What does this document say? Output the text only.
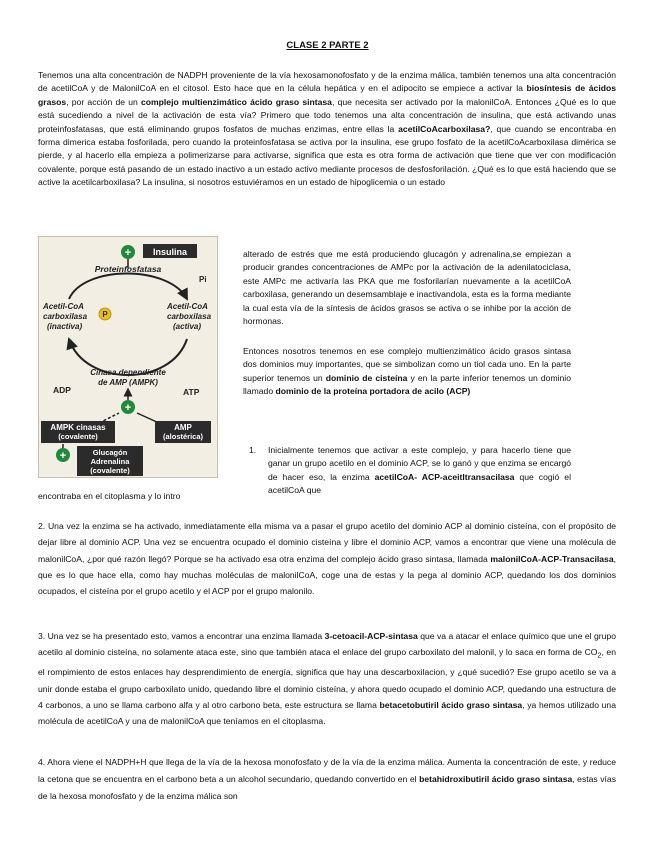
CLASE 2 PARTE 2

Tenemos una alta concentración de NADPH proveniente de la vía hexosamonofosfato y de la enzima málica, también tenemos una alta concentración de acetilCoA y de MalonilCoA en el citosol. Esto hace que en la célula hepática y en el adipocito se empiece a activar la biosíntesis de ácidos grasos, por acción de un complejo multienzimático ácido graso sintasa, que necesita ser activado por la malonilCoA. Entonces ¿Qué es lo que está sucediendo a nivel de la activación de esta vía? Primero que todo tenemos una alta concentración de insulina, que está activando unas proteinfosfatasas, que está eliminando grupos fosfatos de muchas enzimas, entre ellas la acetilCoAcarboxilasa?, que cuando se encontraba en forma dimerica estaba fosforilada, pero cuando la proteinfosfatasa se activa por la insulina, ese grupo fosfato de la acetilCoAcarboxilasa dimérica se pierde, y al hacerlo ella empieza a polimerizarse para activarse, significa que esta es otra forma de activación que tiene que ver con modificación covalente, porque está pasando de un estado inactivo a un estado activo mediante procesos de desfosforilación. ¿Qué es lo que está haciendo que se active la acetilcarboxilasa? La insulina, si nosotros estuviéramos en un estado de hipoglicemia o un estado

+ Insulina
Proteinfosfatasa
Pi
Acetil-CoA
carboxilasa
(inactiva)
P
Acetil-CoA
carboxilasa
(activa)
Cinasa dependiente
de AMP (AMPK)
ADP	ATP
+
AMPK cinasas
(covalente)
AMP
(alostérica)
+	Glucagón
Adrenalina
(covalente)

alterado de estrés que me está produciendo glucagón y adrenalina,se empiezan a producir grandes concentraciones de AMPc por la activación de la adenilatociclasa, este AMPc me activaría las PKA que me fosforilarían nuevamente a la acetilCoA carboxilasa, generando un desemsamblaje e inactivandola, esta es la forma mediante la cual esta vía de la síntesis de ácidos grasos se activa o se inhibe por la acción de hormonas.

Entonces nosotros tenemos en ese complejo multienzimático ácido grasos sintasa dos dominios muy importantes, que se simbolizan como un tiol cada uno. En la parte superior tenemos un dominio de cisteína y en la parte inferior tenemos un dominio llamado dominio de la proteína portadora de acilo (ACP)

1. Inicialmente tenemos que activar a este complejo, y para hacerlo tiene que ganar un grupo acetilo en el dominio ACP, se lo ganó y que enzima se encargó de hacer eso, la enzima acetilCoA- ACP-aceitltransacilasa que cogió el acetilCoA que

encontraba en el citoplasma y lo intro

2. Una vez la enzima se ha activado, inmediatamente ella misma va a pasar el grupo acetilo del dominio ACP al dominio cisteína, con el propósito de dejar libre al dominio ACP. Una vez se encuentra ocupado el dominio cisteína y libre el dominio ACP, vamos a encontrar que viene una molécula de malonilCoA, ¿por qué razón llegó? Porque se ha activado esa otra enzima del complejo ácido graso sintasa, llamada malonilCoA-ACP-Transacilasa, que es lo que hace ella, como hay muchas moléculas de malonilCoA, coge una de estas y la pega al dominio ACP, quedando los dos dominios ocupados, el cisteína por el grupo acetilo y el ACP por el grupo malonilo.

3. Una vez se ha presentado esto, vamos a encontrar una enzima llamada 3-cetoacil-ACP-sintasa que va a atacar el enlace químico que une el grupo acetilo al dominio cisteína, no solamente ataca este, sino que también ataca el enlace del grupo carboxilato del malonil, y lo saca en forma de $CO_2$, en el rompimiento de estos enlaces hay desprendimiento de energía, significa que hay una descarboxilacion, y ¿qué sucedió? Ese grupo acetilo se va a unir donde estaba el grupo carboxilato unido, quedando libre el dominio cisteína, y ahora quedo ocupado el dominio ACP, quedando una estructura de 4 carbonos, a uno se llama carbono alfa y al otro carbono beta, este estructura se llama betacetobutiril ácido graso sintasa, ya hemos utilizado una molécula de acetilCoA y una de malonilCoA que teníamos en el citoplasma.

4. Ahora viene el NADPH+H que llega de la vía de la hexosa monofosfato y de la vía de la enzima málica. Aumenta la concentración de este, y reduce la cetona que se encuentra en el carbono beta a un alcohol secundario, quedando convertido en el betahidroxibutiril ácido graso sintasa, estas vías de la hexosa monofosfato y de la enzima málica son
